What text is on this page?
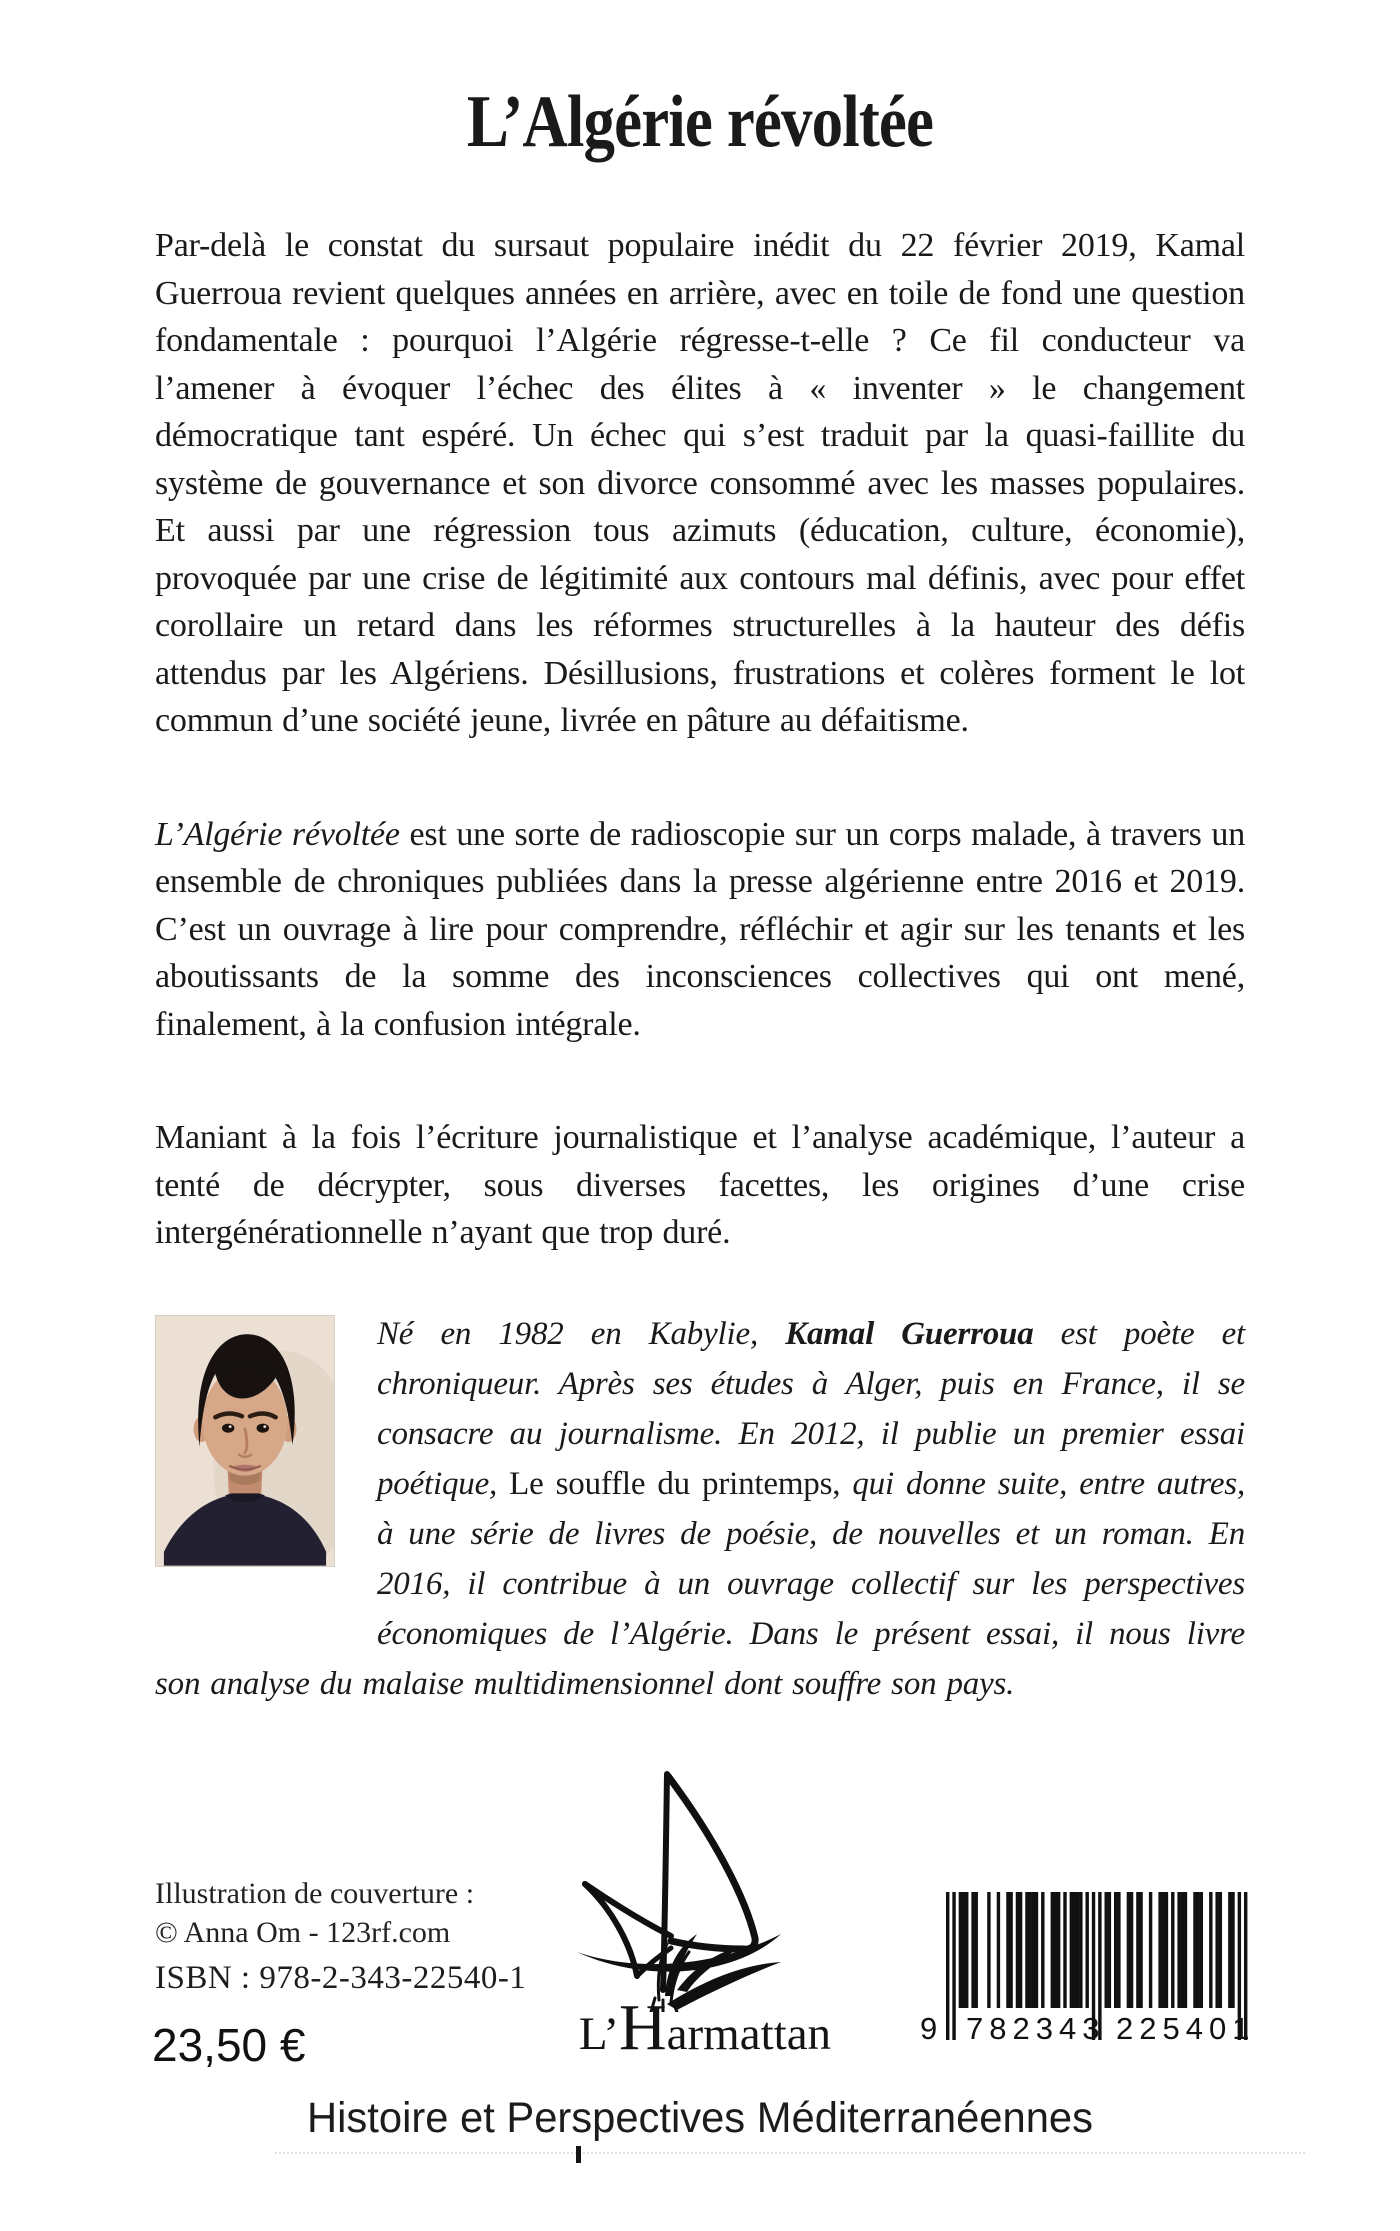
L’Algérie révoltée

Par-delà le constat du sursaut populaire inédit du 22 février 2019, Kamal Guerroua revient quelques années en arrière, avec en toile de fond une question fondamentale : pourquoi l’Algérie régresse-t-elle ? Ce fil conducteur va l’amener à évoquer l’échec des élites à « inventer » le changement démocratique tant espéré. Un échec qui s’est traduit par la quasi-faillite du système de gouvernance et son divorce consommé avec les masses populaires. Et aussi par une régression tous azimuts (éducation, culture, économie), provoquée par une crise de légitimité aux contours mal définis, avec pour effet corollaire un retard dans les réformes structurelles à la hauteur des défis attendus par les Algériens. Désillusions, frustrations et colères forment le lot commun d’une société jeune, livrée en pâture au défaitisme.

L’Algérie révoltée est une sorte de radioscopie sur un corps malade, à travers un ensemble de chroniques publiées dans la presse algérienne entre 2016 et 2019. C’est un ouvrage à lire pour comprendre, réfléchir et agir sur les tenants et les aboutissants de la somme des inconsciences collectives qui ont mené, finalement, à la confusion intégrale.

Maniant à la fois l’écriture journalistique et l’analyse académique, l’auteur a tenté de décrypter, sous diverses facettes, les origines d’une crise intergénérationnelle n’ayant que trop duré.

Né en 1982 en Kabylie, Kamal Guerroua est poète et chroniqueur. Après ses études à Alger, puis en France, il se consacre au journalisme. En 2012, il publie un premier essai poétique, Le souffle du printemps, qui donne suite, entre autres, à une série de livres de poésie, de nouvelles et un roman. En 2016, il contribue à un ouvrage collectif sur les perspectives économiques de l’Algérie. Dans le présent essai, il nous livre son analyse du malaise multidimensionnel dont souffre son pays.
Illustration de couverture :
© Anna Om - 123rf.com
ISBN : 978-2-343-22540-1
23,50 €	L’Harmattan	9 782343 225401
Histoire et Perspectives Méditerranéennes
